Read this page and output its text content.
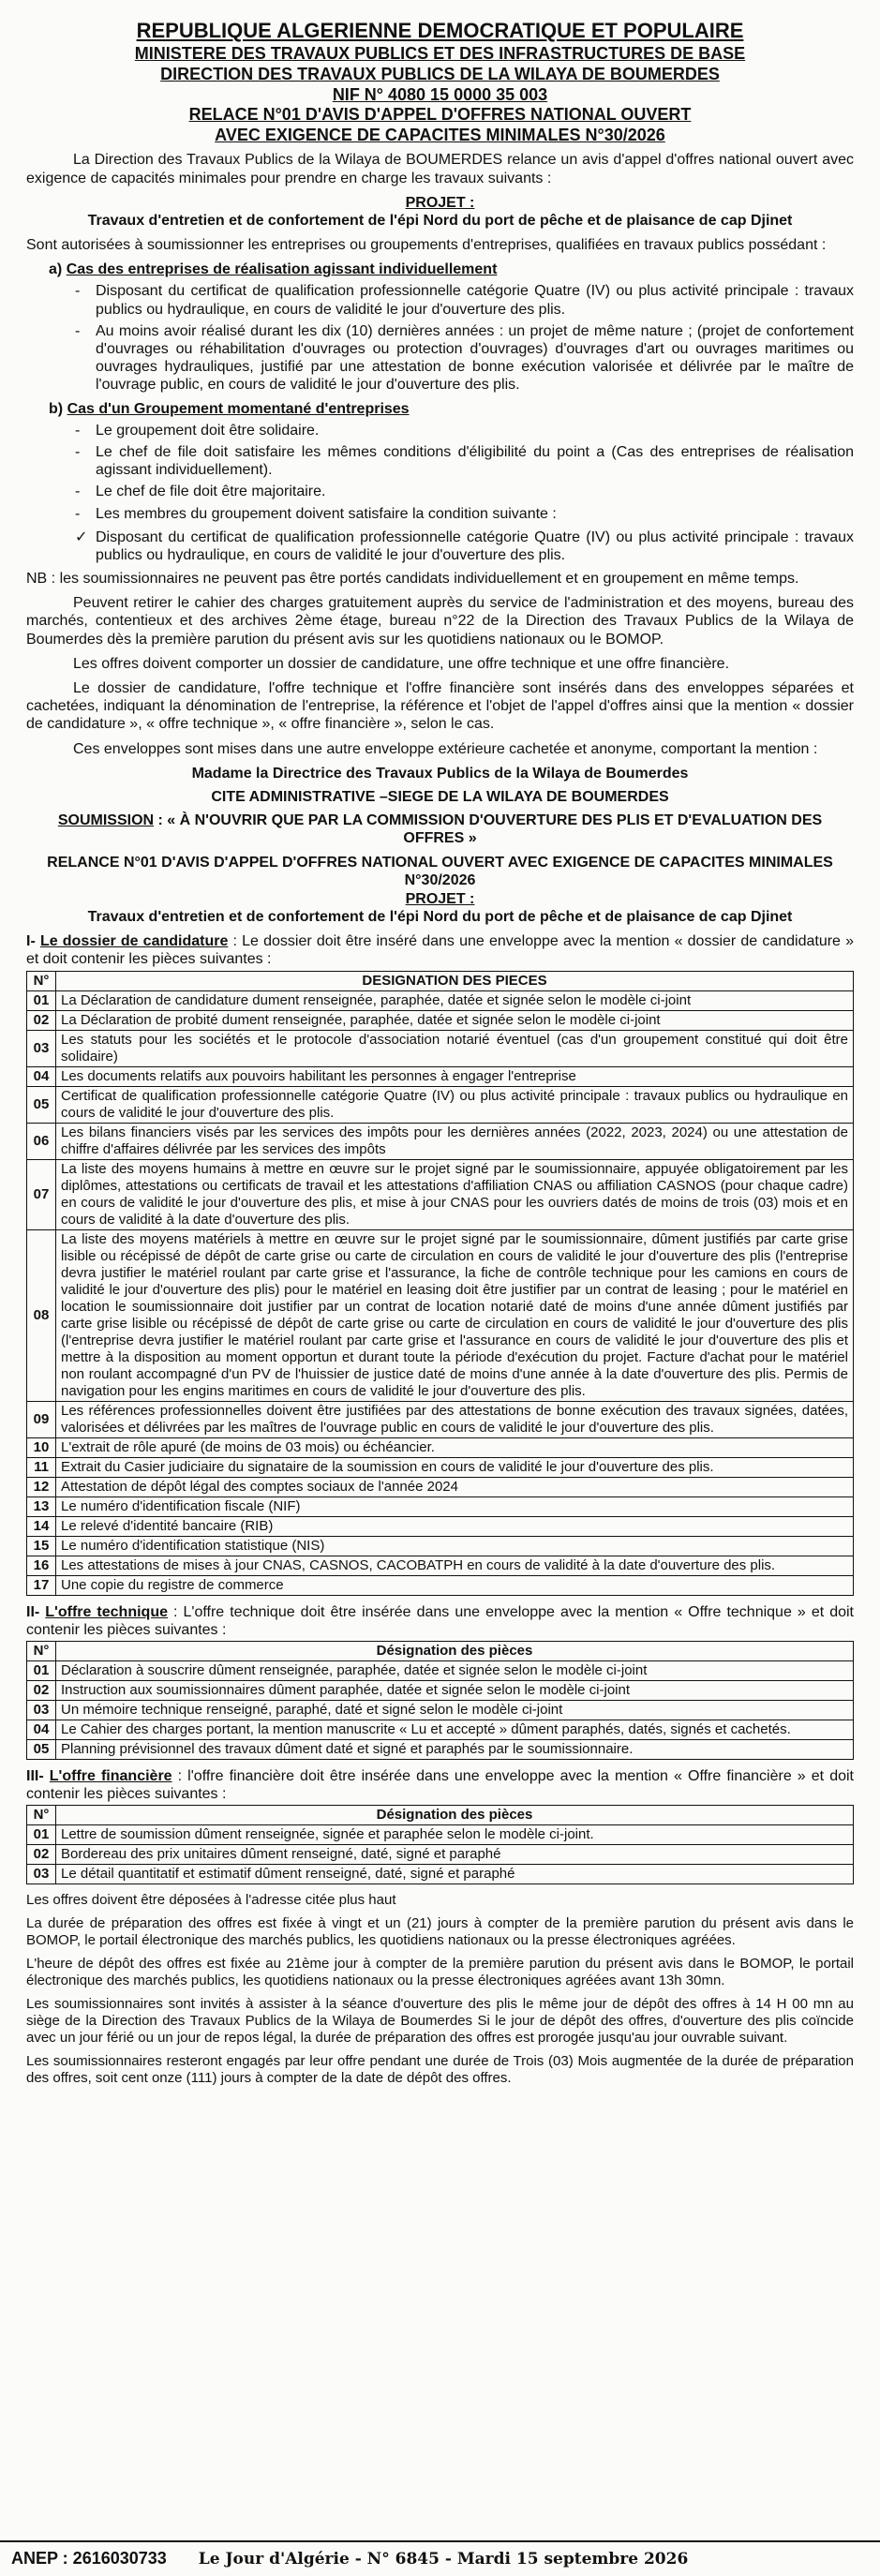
REPUBLIQUE ALGERIENNE DEMOCRATIQUE ET POPULAIRE
MINISTERE DES TRAVAUX PUBLICS ET DES INFRASTRUCTURES DE BASE
DIRECTION DES TRAVAUX PUBLICS DE LA WILAYA DE BOUMERDES
NIF N° 4080 15 0000 35 003
RELACE N°01 D'AVIS D'APPEL D'OFFRES NATIONAL OUVERT
AVEC EXIGENCE DE CAPACITES MINIMALES N°30/2026

La Direction des Travaux Publics de la Wilaya de BOUMERDES relance un avis d'appel d'offres national ouvert avec exigence de capacités minimales pour prendre en charge les travaux suivants :

PROJET :

Travaux d'entretien et de confortement de l'épi Nord du port de pêche et de plaisance de cap Djinet

Sont autorisées à soumissionner les entreprises ou groupements d'entreprises, qualifiées en travaux publics possédant :

a) Cas des entreprises de réalisation agissant individuellement
- Disposant du certificat de qualification professionnelle catégorie Quatre (IV) ou plus activité principale : travaux publics ou hydraulique, en cours de validité le jour d'ouverture des plis.
- Au moins avoir réalisé durant les dix (10) dernières années : un projet de même nature ; (projet de confortement d'ouvrages ou réhabilitation d'ouvrages ou protection d'ouvrages) d'ouvrages d'art ou ouvrages maritimes ou ouvrages hydrauliques, justifié par une attestation de bonne exécution valorisée et délivrée par le maître de l'ouvrage public, en cours de validité le jour d'ouverture des plis.
b) Cas d'un Groupement momentané d'entreprises
- Le groupement doit être solidaire.
- Le chef de file doit satisfaire les mêmes conditions d'éligibilité du point a (Cas des entreprises de réalisation agissant individuellement).
- Le chef de file doit être majoritaire.
- Les membres du groupement doivent satisfaire la condition suivante :
✓ Disposant du certificat de qualification professionnelle catégorie Quatre (IV) ou plus activité principale : travaux publics ou hydraulique, en cours de validité le jour d'ouverture des plis.

NB : les soumissionnaires ne peuvent pas être portés candidats individuellement et en groupement en même temps.

Peuvent retirer le cahier des charges gratuitement auprès du service de l'administration et des moyens, bureau des marchés, contentieux et des archives 2ème étage, bureau n°22 de la Direction des Travaux Publics de la Wilaya de Boumerdes dès la première parution du présent avis sur les quotidiens nationaux ou le BOMOP.

Les offres doivent comporter un dossier de candidature, une offre technique et une offre financière.

Le dossier de candidature, l'offre technique et l'offre financière sont insérés dans des enveloppes séparées et cachetées, indiquant la dénomination de l'entreprise, la référence et l'objet de l'appel d'offres ainsi que la mention « dossier de candidature », « offre technique », « offre financière », selon le cas.

Ces enveloppes sont mises dans une autre enveloppe extérieure cachetée et anonyme, comportant la mention :

Madame la Directrice des Travaux Publics de la Wilaya de Boumerdes
CITE ADMINISTRATIVE –SIEGE DE LA WILAYA DE BOUMERDES
SOUMISSION : « À N'OUVRIR QUE PAR LA COMMISSION D'OUVERTURE DES PLIS ET D'EVALUATION DES OFFRES »
RELANCE N°01 D'AVIS D'APPEL D'OFFRES NATIONAL OUVERT AVEC EXIGENCE DE CAPACITES MINIMALES N°30/2026
PROJET :

Travaux d'entretien et de confortement de l'épi Nord du port de pêche et de plaisance de cap Djinet

I- Le dossier de candidature : Le dossier doit être inséré dans une enveloppe avec la mention « dossier de candidature » et doit contenir les pièces suivantes :
N°	DESIGNATION DES PIECES
01	La Déclaration de candidature dument renseignée, paraphée, datée et signée selon le modèle ci-joint
02	La Déclaration de probité dument renseignée, paraphée, datée et signée selon le modèle ci-joint
03	Les statuts pour les sociétés et le protocole d'association notarié éventuel (cas d'un groupement constitué qui doit être solidaire)
04	Les documents relatifs aux pouvoirs habilitant les personnes à engager l'entreprise
05	Certificat de qualification professionnelle catégorie Quatre (IV) ou plus activité principale : travaux publics ou hydraulique en cours de validité le jour d'ouverture des plis.
06	Les bilans financiers visés par les services des impôts pour les dernières années (2022, 2023, 2024) ou une attestation de chiffre d'affaires délivrée par les services des impôts
07	La liste des moyens humains à mettre en œuvre sur le projet signé par le soumissionnaire, appuyée obligatoirement par les diplômes, attestations ou certificats de travail et les attestations d'affiliation CNAS ou affiliation CASNOS (pour chaque cadre) en cours de validité le jour d'ouverture des plis, et mise à jour CNAS pour les ouvriers datés de moins de trois (03) mois et en cours de validité à la date d'ouverture des plis.
08	La liste des moyens matériels à mettre en œuvre sur le projet signé par le soumissionnaire, dûment justifiés par carte grise lisible ou récépissé de dépôt de carte grise ou carte de circulation en cours de validité le jour d'ouverture des plis (l'entreprise devra justifier le matériel roulant par carte grise et l'assurance, la fiche de contrôle technique pour les camions en cours de validité le jour d'ouverture des plis) pour le matériel en leasing doit être justifier par un contrat de leasing ; pour le matériel en location le soumissionnaire doit justifier par un contrat de location notarié daté de moins d'une année dûment justifiés par carte grise lisible ou récépissé de dépôt de carte grise ou carte de circulation en cours de validité le jour d'ouverture des plis (l'entreprise devra justifier le matériel roulant par carte grise et l'assurance en cours de validité le jour d'ouverture des plis et mettre à la disposition au moment opportun et durant toute la période d'exécution du projet. Facture d'achat pour le matériel non roulant accompagné d'un PV de l'huissier de justice daté de moins d'une année à la date d'ouverture des plis. Permis de navigation pour les engins maritimes en cours de validité le jour d'ouverture des plis.
09	Les références professionnelles doivent être justifiées par des attestations de bonne exécution des travaux signées, datées, valorisées et délivrées par les maîtres de l'ouvrage public en cours de validité le jour d'ouverture des plis.
10	L'extrait de rôle apuré (de moins de 03 mois) ou échéancier.
11	Extrait du Casier judiciaire du signataire de la soumission en cours de validité le jour d'ouverture des plis.
12	Attestation de dépôt légal des comptes sociaux de l'année 2024
13	Le numéro d'identification fiscale (NIF)
14	Le relevé d'identité bancaire (RIB)
15	Le numéro d'identification statistique (NIS)
16	Les attestations de mises à jour CNAS, CASNOS, CACOBATPH en cours de validité à la date d'ouverture des plis.
17	Une copie du registre de commerce
II- L'offre technique : L'offre technique doit être insérée dans une enveloppe avec la mention « Offre technique » et doit contenir les pièces suivantes :
N°	Désignation des pièces
01	Déclaration à souscrire dûment renseignée, paraphée, datée et signée selon le modèle ci-joint
02	Instruction aux soumissionnaires dûment paraphée, datée et signée selon le modèle ci-joint
03	Un mémoire technique renseigné, paraphé, daté et signé selon le modèle ci-joint
04	Le Cahier des charges portant, la mention manuscrite « Lu et accepté » dûment paraphés, datés, signés et cachetés.
05	Planning prévisionnel des travaux dûment daté et signé et paraphés par le soumissionnaire.
III- L'offre financière : l'offre financière doit être insérée dans une enveloppe avec la mention « Offre financière » et doit contenir les pièces suivantes :
N°	Désignation des pièces
01	Lettre de soumission dûment renseignée, signée et paraphée selon le modèle ci-joint.
02	Bordereau des prix unitaires dûment renseigné, daté, signé et paraphé
03	Le détail quantitatif et estimatif dûment renseigné, daté, signé et paraphé

Les offres doivent être déposées à l'adresse citée plus haut

La durée de préparation des offres est fixée à vingt et un (21) jours à compter de la première parution du présent avis dans le BOMOP, le portail électronique des marchés publics, les quotidiens nationaux ou la presse électroniques agréées.

L'heure de dépôt des offres est fixée au 21ème jour à compter de la première parution du présent avis dans le BOMOP, le portail électronique des marchés publics, les quotidiens nationaux ou la presse électroniques agréées avant 13h 30mn.

Les soumissionnaires sont invités à assister à la séance d'ouverture des plis le même jour de dépôt des offres à 14 H 00 mn au siège de la Direction des Travaux Publics de la Wilaya de Boumerdes Si le jour de dépôt des offres, d'ouverture des plis coïncide avec un jour férié ou un jour de repos légal, la durée de préparation des offres est prorogée jusqu'au jour ouvrable suivant.

Les soumissionnaires resteront engagés par leur offre pendant une durée de Trois (03) Mois augmentée de la durée de préparation des offres, soit cent onze (111) jours à compter de la date de dépôt des offres.

ANEP : 2616030733 Le Jour d'Algérie - N° 6845 - Mardi 15 septembre 2026
